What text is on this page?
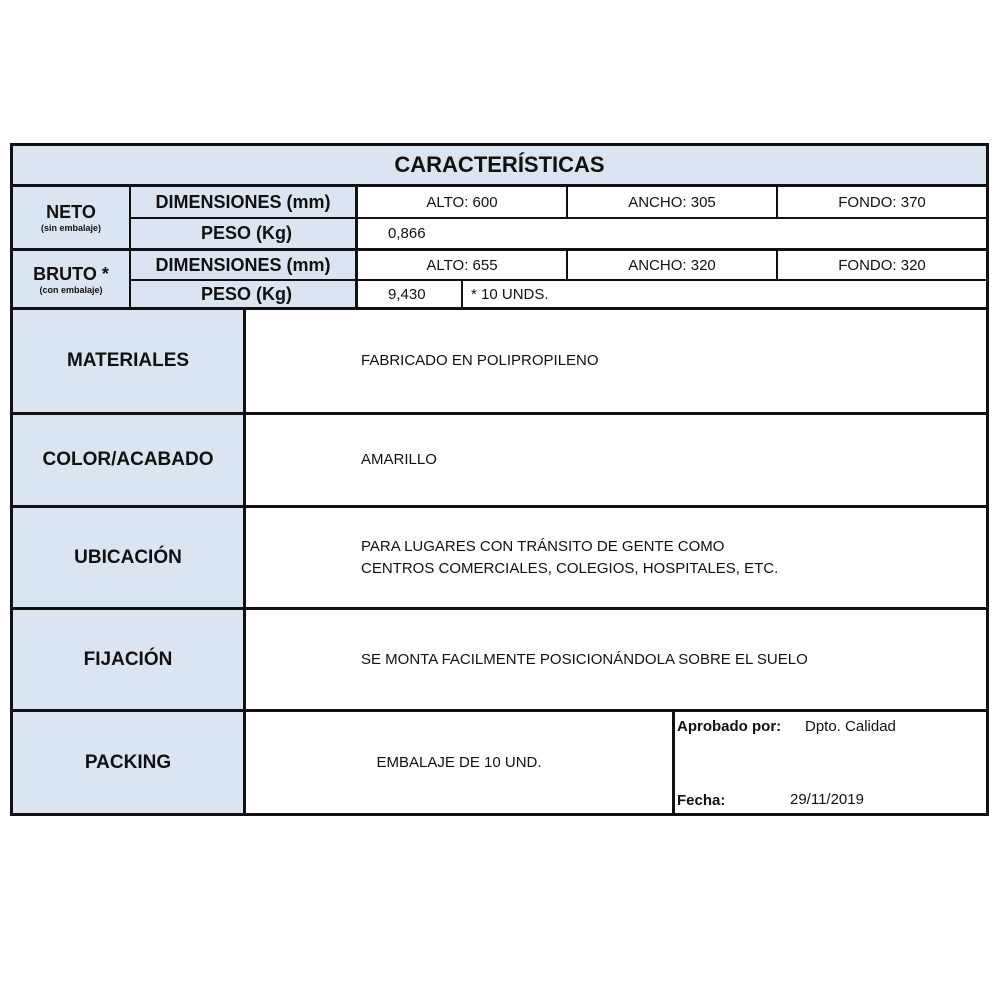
CARACTERÍSTICAS
NETO
(sin embalaje)
DIMENSIONES (mm)	ALTO: 600	ANCHO: 305	FONDO: 370
PESO (Kg)	0,866
BRUTO *
(con embalaje)
DIMENSIONES (mm)	ALTO: 655	ANCHO: 320	FONDO: 320
PESO (Kg)	9,430	* 10 UNDS.
MATERIALES	FABRICADO EN POLIPROPILENO
COLOR/ACABADO	AMARILLO
UBICACIÓN
PARA LUGARES CON TRÁNSITO DE GENTE COMO
CENTROS COMERCIALES, COLEGIOS, HOSPITALES, ETC.
FIJACIÓN	SE MONTA FACILMENTE POSICIONÁNDOLA SOBRE EL SUELO
PACKING	EMBALAJE DE 10 UND.
Aprobado por: Dpto. Calidad
Fecha:	29/11/2019
